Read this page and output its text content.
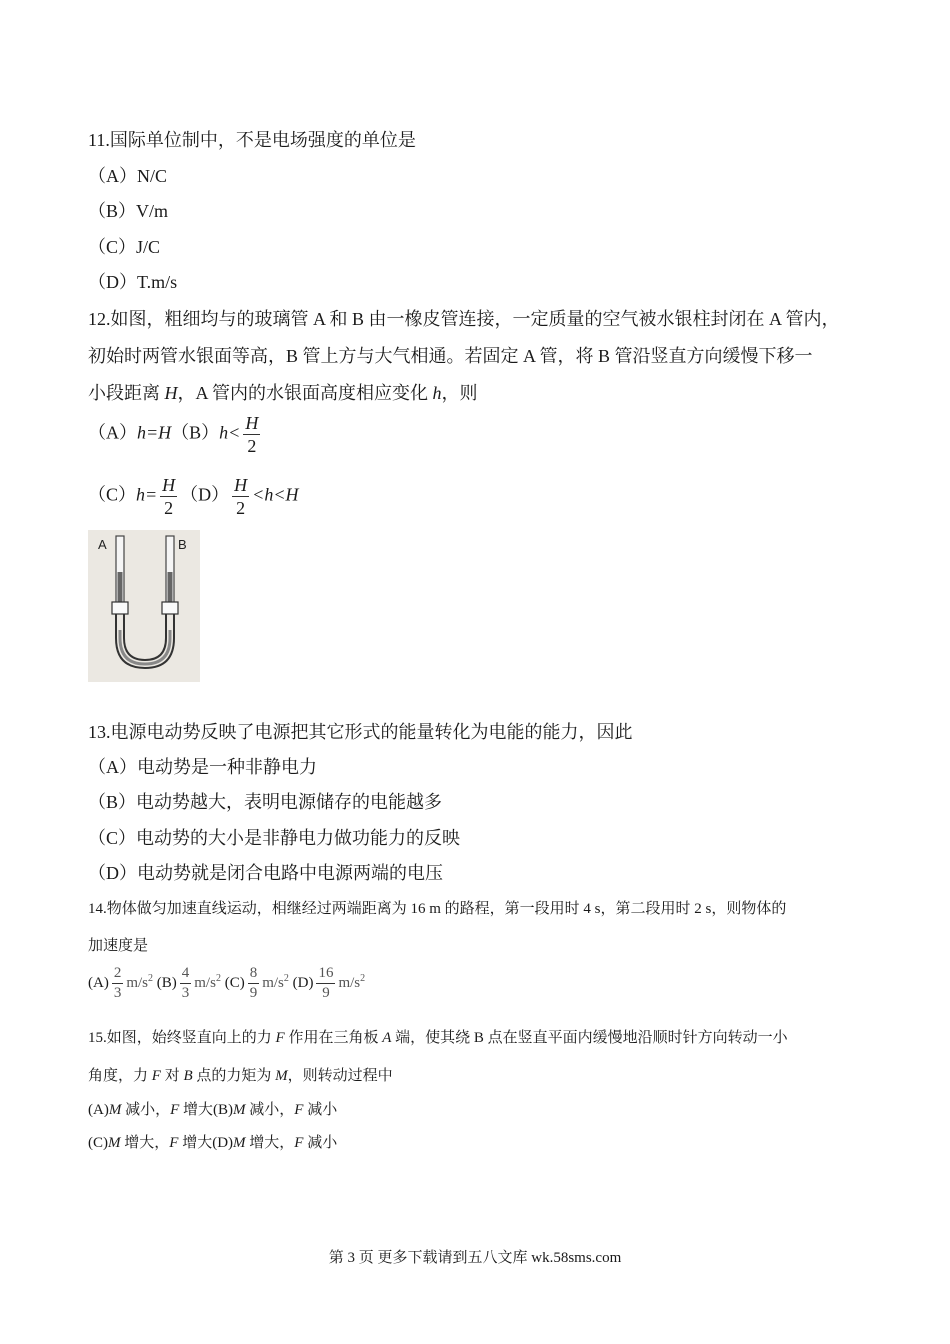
11.国际单位制中，不是电场强度的单位是
（A）N/C
（B）V/m
（C）J/C
（D）T.m/s
12.如图，粗细均与的玻璃管 A 和 B 由一橡皮管连接，一定质量的空气被水银柱封闭在 A 管内，
初始时两管水银面等高，B 管上方与大气相通。若固定 A 管，将 B 管沿竖直方向缓慢下移一
小段距离 H，A 管内的水银面高度相应变化 h，则
$(A)h=H(B)h< \frac{H}{2}$
$(C)h= \frac{H}{2} (D) \frac{H}{2} <h<H$
A	B
13.电源电动势反映了电源把其它形式的能量转化为电能的能力，因此
（A）电动势是一种非静电力
（B）电动势越大，表明电源储存的电能越多
（C）电动势的大小是非静电力做功能力的反映
（D）电动势就是闭合电路中电源两端的电压
14.物体做匀加速直线运动，相继经过两端距离为 16 m 的路程，第一段用时 4 s，第二段用时 2 s，则物体的
加速度是
$(A) \frac{2}{3} m/s^2$ $(B) \frac{4}{3} m/s^2$ $(C) \frac{8}{9} m/s^2$ $(D) \frac{16}{9} m/s^2$
15.如图，始终竖直向上的力 F 作用在三角板 A 端，使其绕 B 点在竖直平面内缓慢地沿顺时针方向转动一小
角度，力 F 对 B 点的力矩为 M，则转动过程中
(A)M 减小，F 增大(B)M 减小，F 减小
(C)M 增大，F 增大(D)M 增大，F 减小
第 3 页 更多下载请到五八文库 wk.58sms.com
